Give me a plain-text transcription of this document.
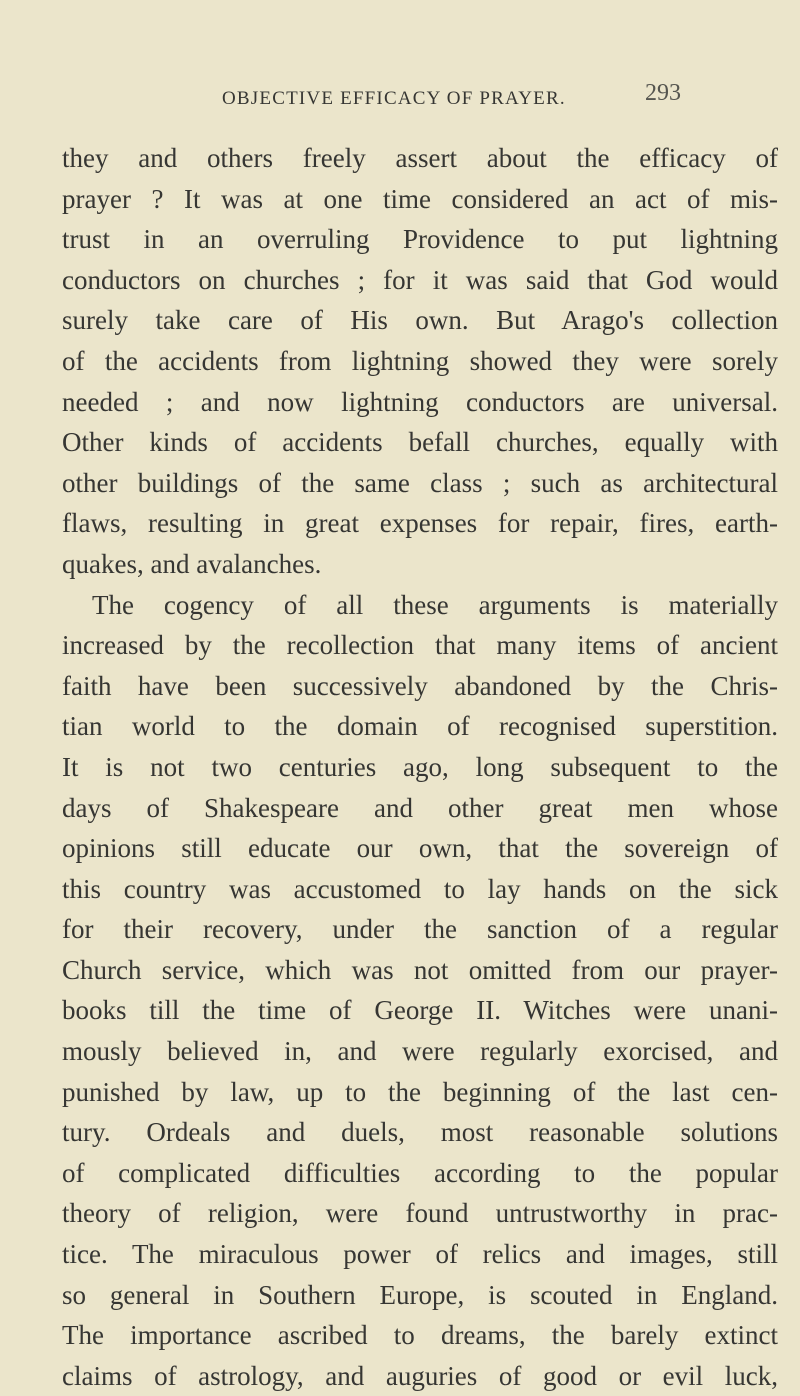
OBJECTIVE EFFICACY OF PRAYER.	293
they and others freely assert about the efficacy of
prayer ? It was at one time considered an act of mis-
trust in an overruling Providence to put lightning
conductors on churches ; for it was said that God would
surely take care of His own. But Arago's collection
of the accidents from lightning showed they were sorely
needed ; and now lightning conductors are universal.
Other kinds of accidents befall churches, equally with
other buildings of the same class ; such as architectural
flaws, resulting in great expenses for repair, fires, earth-
quakes, and avalanches.
The cogency of all these arguments is materially
increased by the recollection that many items of ancient
faith have been successively abandoned by the Chris-
tian world to the domain of recognised superstition.
It is not two centuries ago, long subsequent to the
days of Shakespeare and other great men whose
opinions still educate our own, that the sovereign of
this country was accustomed to lay hands on the sick
for their recovery, under the sanction of a regular
Church service, which was not omitted from our prayer-
books till the time of George II. Witches were unani-
mously believed in, and were regularly exorcised, and
punished by law, up to the beginning of the last cen-
tury. Ordeals and duels, most reasonable solutions
of complicated difficulties according to the popular
theory of religion, were found untrustworthy in prac-
tice. The miraculous power of relics and images, still
so general in Southern Europe, is scouted in England.
The importance ascribed to dreams, the barely extinct
claims of astrology, and auguries of good or evil luck,
